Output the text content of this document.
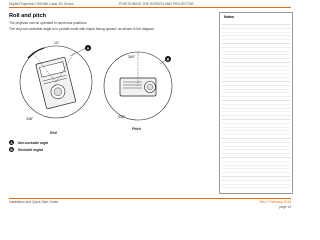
Digital Projection HIGHlite Laser 3D Series	POSITIONING THE SCREEN AND PROJECTOR
Roll and pitch
The projector can be operated in numerous positions.
The only non-workable angle is in portrait mode with inputs facing upward, as shown in the diagram.
10°
338°
A
Roll
360°
338°
B
Pitch
A	Non-workable angle
B	Workable angles
Notes
Installation and Quick Start Guide	Rev C February 2016
page 13
